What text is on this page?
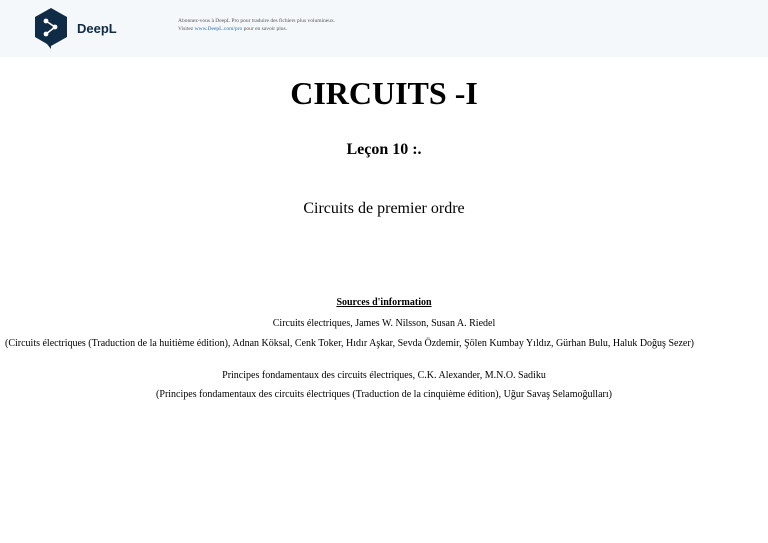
DeepL	Abonnez-vous à DeepL Pro pour traduire des fichiers plus volumineux.
Visitez www.DeepL.com/pro pour en savoir plus.
CIRCUITS -I
Leçon 10 :.
Circuits de premier ordre
Sources d'information
Circuits électriques, James W. Nilsson, Susan A. Riedel
(Circuits électriques (Traduction de la huitième édition), Adnan Köksal, Cenk Toker, Hıdır Aşkar, Sevda Özdemir, Şölen Kumbay Yıldız, Gürhan Bulu, Haluk Doğuş Sezer)
Principes fondamentaux des circuits électriques, C.K. Alexander, M.N.O. Sadiku
(Principes fondamentaux des circuits électriques (Traduction de la cinquième édition), Uğur Savaş Selamoğulları)
